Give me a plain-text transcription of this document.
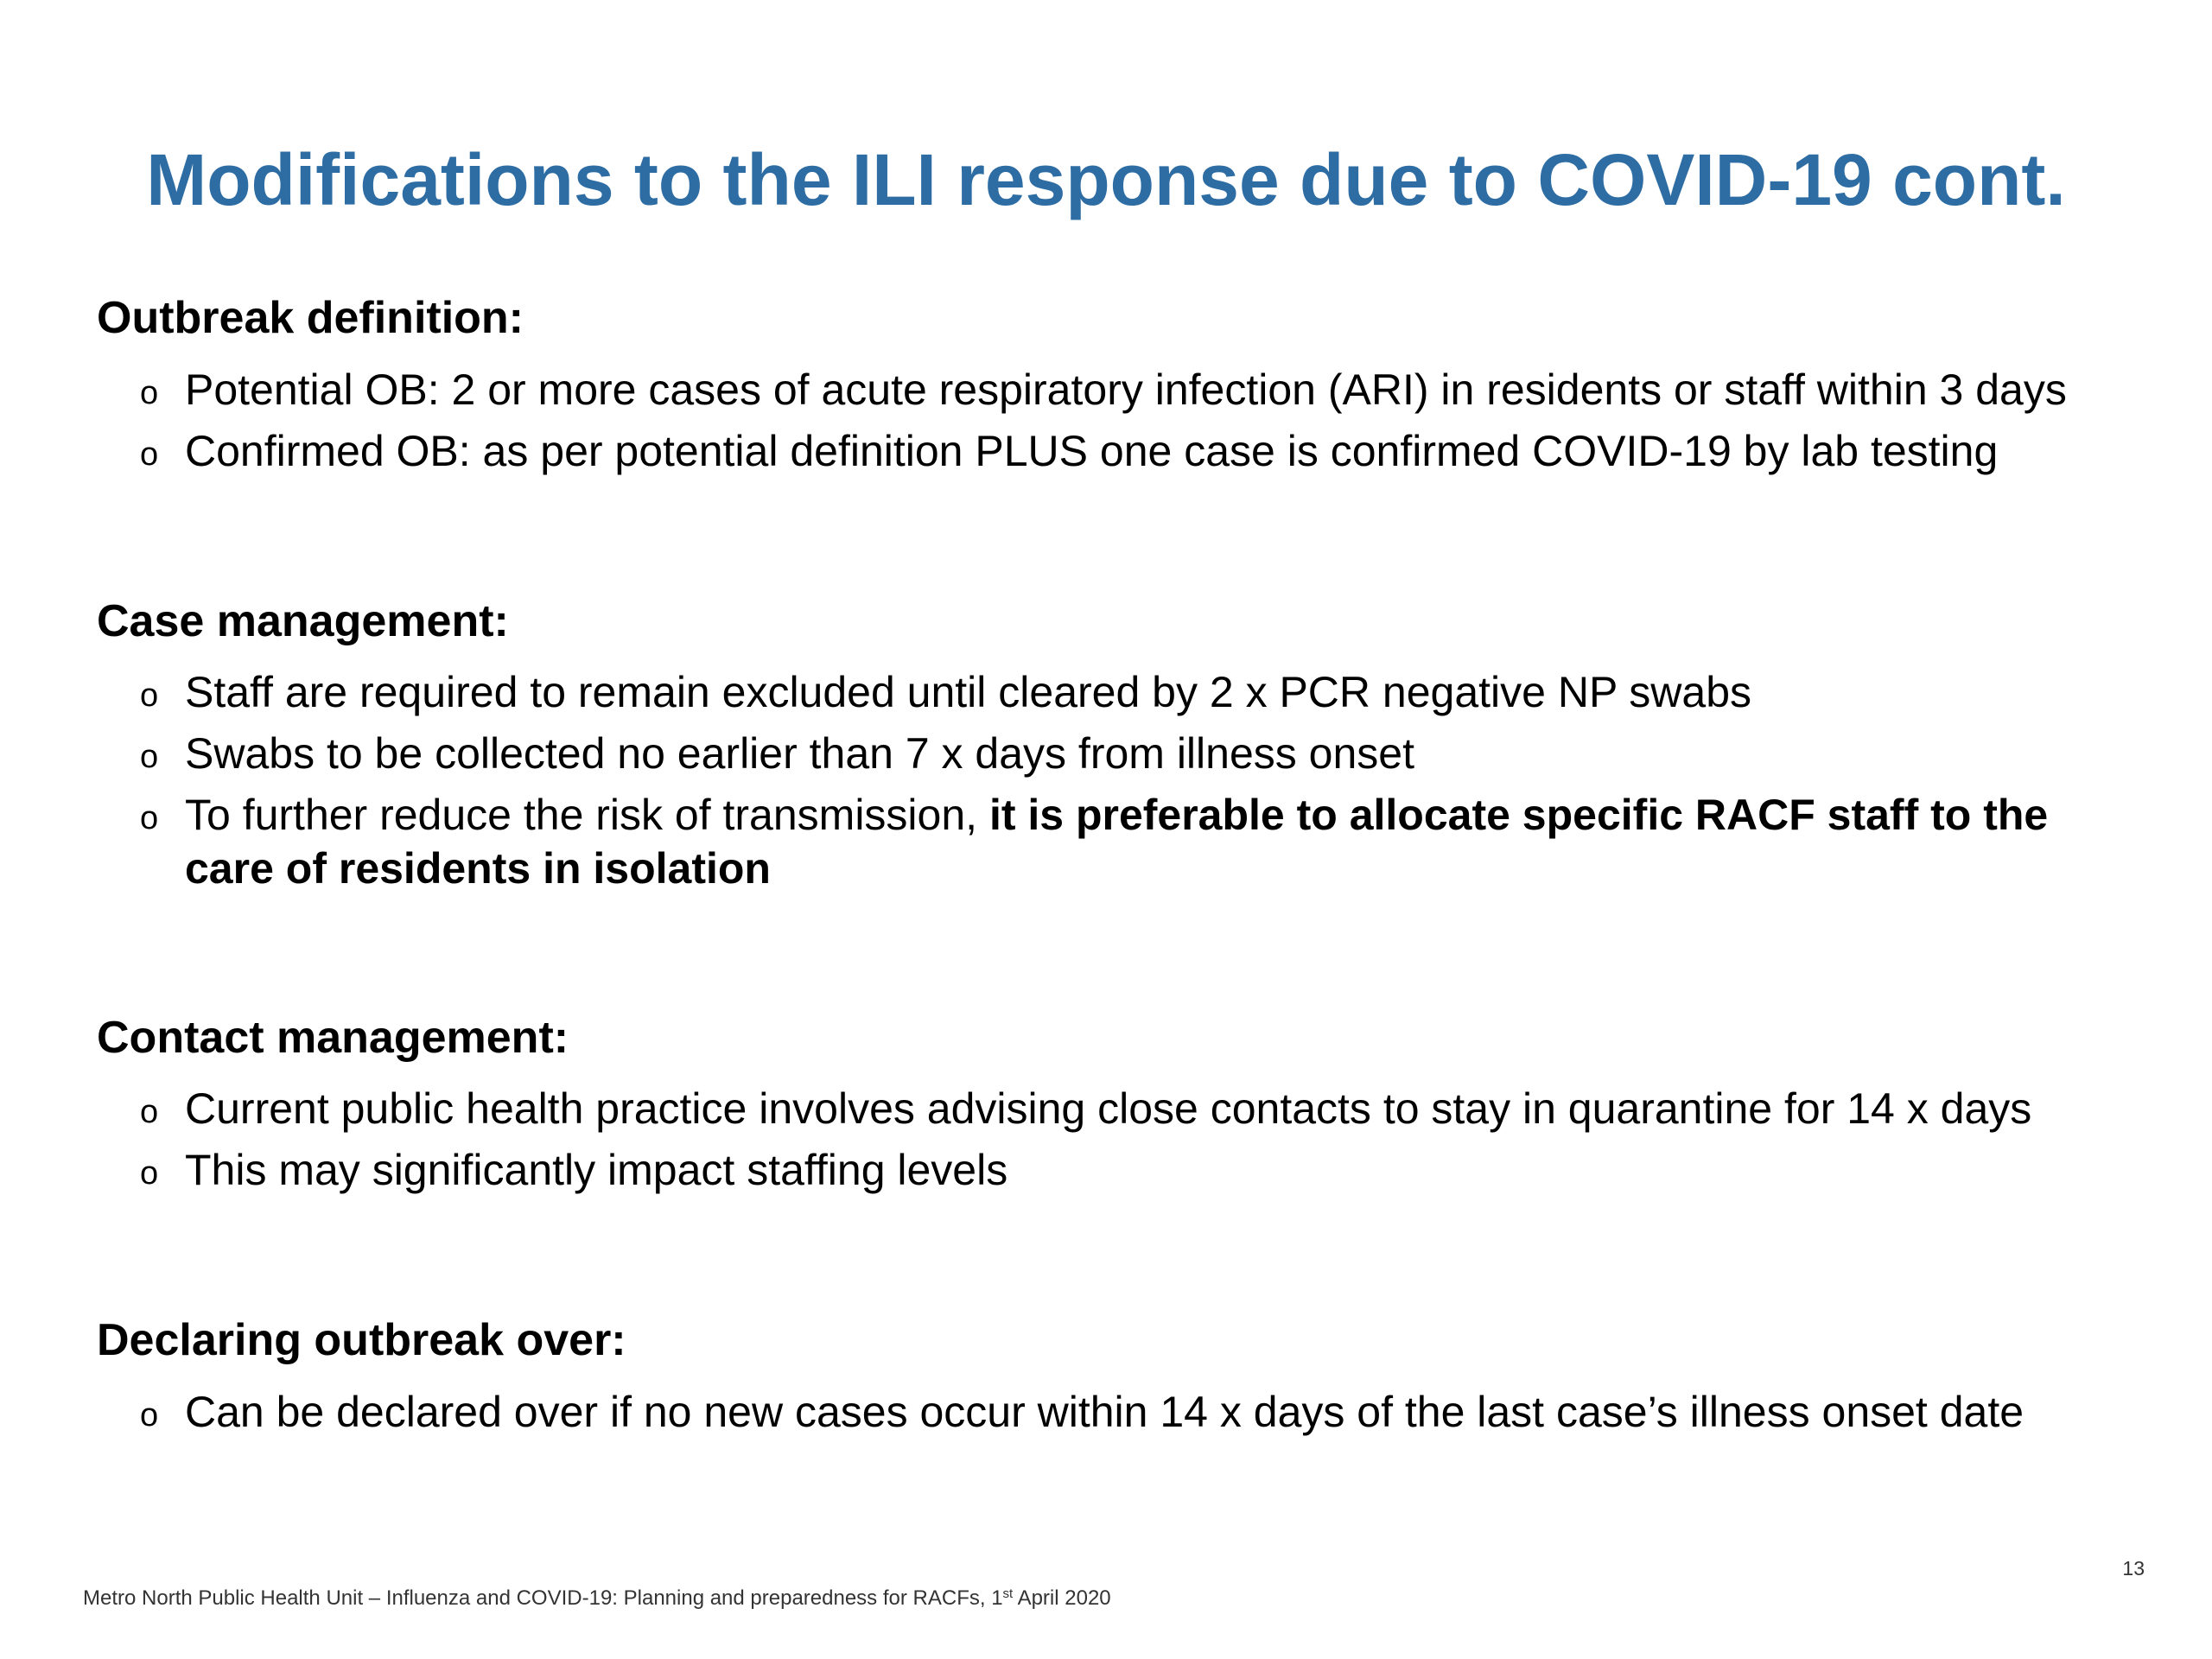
Modifications to the ILI response due to COVID-19 cont.
Outbreak definition:
o Potential OB: 2 or more cases of acute respiratory infection (ARI) in residents or staff within 3 days
o Confirmed OB: as per potential definition PLUS one case is confirmed COVID-19 by lab testing
Case management:
o Staff are required to remain excluded until cleared by 2 x PCR negative NP swabs
o Swabs to be collected no earlier than 7 x days from illness onset
o To further reduce the risk of transmission, it is preferable to allocate specific RACF staff to the care of residents in isolation
Contact management:
o Current public health practice involves advising close contacts to stay in quarantine for 14 x days
o This may significantly impact staffing levels
Declaring outbreak over:
o Can be declared over if no new cases occur within 14 x days of the last case’s illness onset date
13
Metro North Public Health Unit – Influenza and COVID-19: Planning and preparedness for RACFs, 1st April 2020
